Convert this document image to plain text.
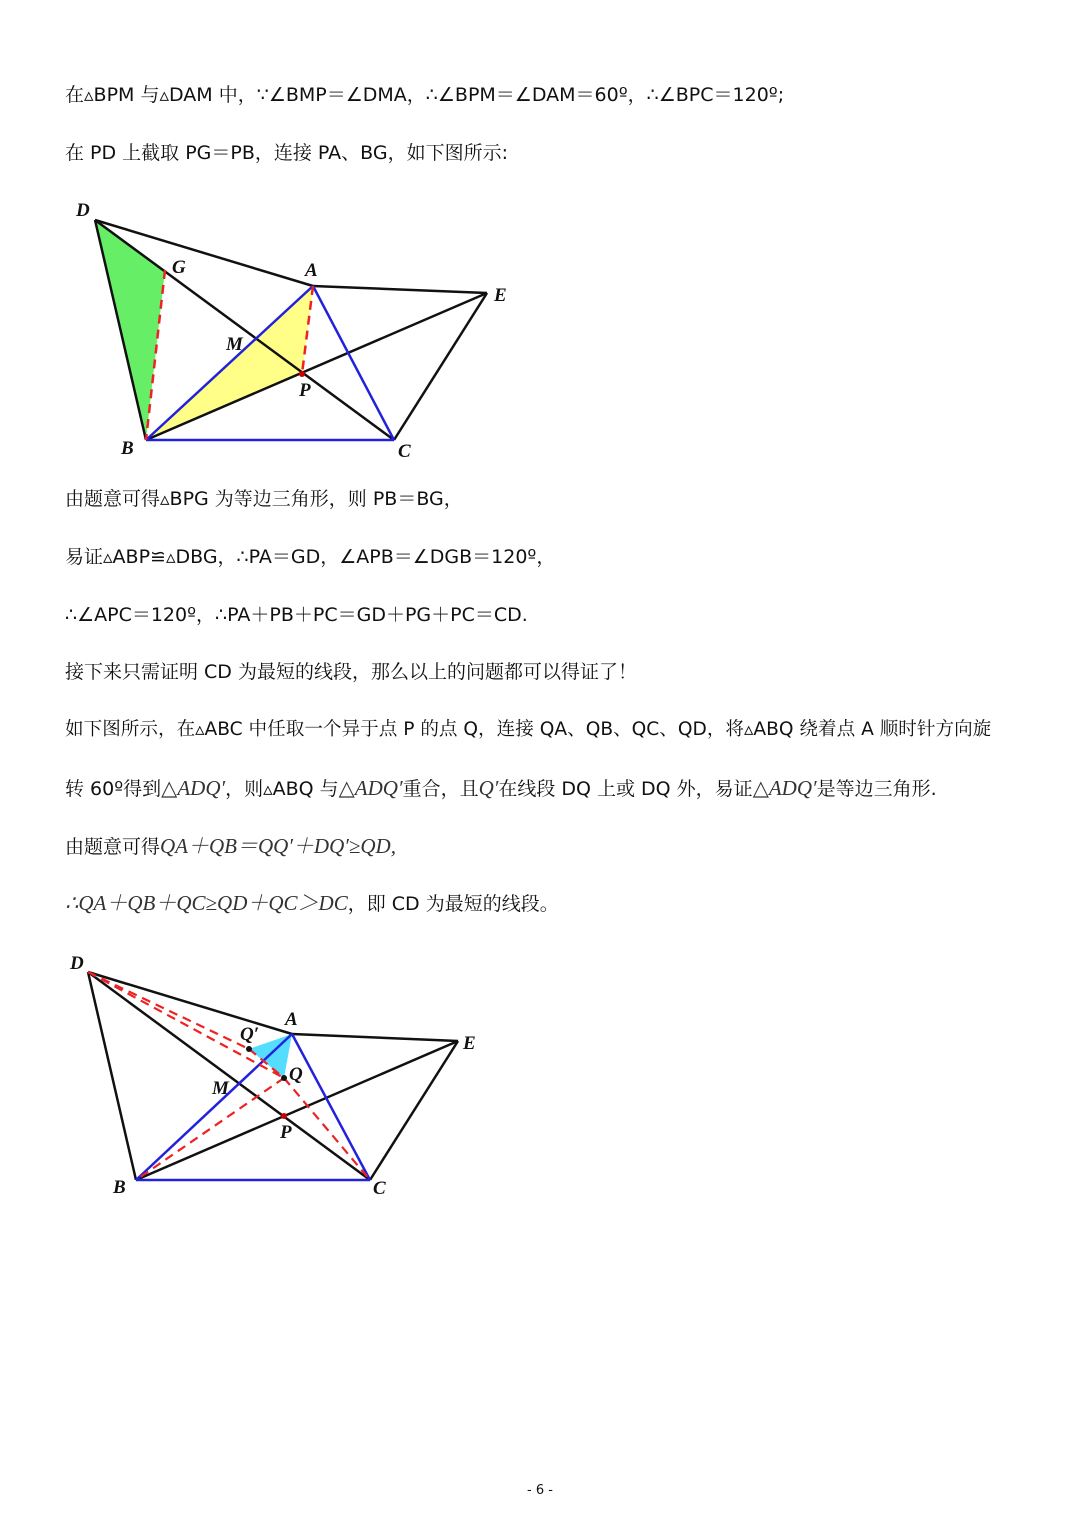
在▵BPM 与▵DAM 中，∵∠BMP＝∠DMA，∴∠BPM＝∠DAM＝60º，∴∠BPC＝120º;
在 PD 上截取 PG＝PB，连接 PA、BG，如下图所示:
D
G	A
E
M
P
B	C
D
Q′
A
E
Q
M
P
B	C
由题意可得▵BPG 为等边三角形，则 PB＝BG，
易证▵ABP≌▵DBG，∴PA＝GD，∠APB＝∠DGB＝120º，
∴∠APC＝120º，∴PA＋PB＋PC＝GD＋PG＋PC＝CD.
接下来只需证明 CD 为最短的线段，那么以上的问题都可以得证了！
如下图所示，在▵ABC 中任取一个异于点 P 的点 Q，连接 QA、QB、QC、QD，将▵ABQ 绕着点 A 顺时针方向旋
转 60º得到△ADQ′，则▵ABQ 与△ADQ′重合，且Q′在线段 DQ 上或 DQ 外，易证△ADQ′是等边三角形.
由题意可得QA＋QB＝QQ′＋DQ′≥QD,
∴QA＋QB＋QC≥QD＋QC＞DC，即 CD 为最短的线段。
- 6 -
